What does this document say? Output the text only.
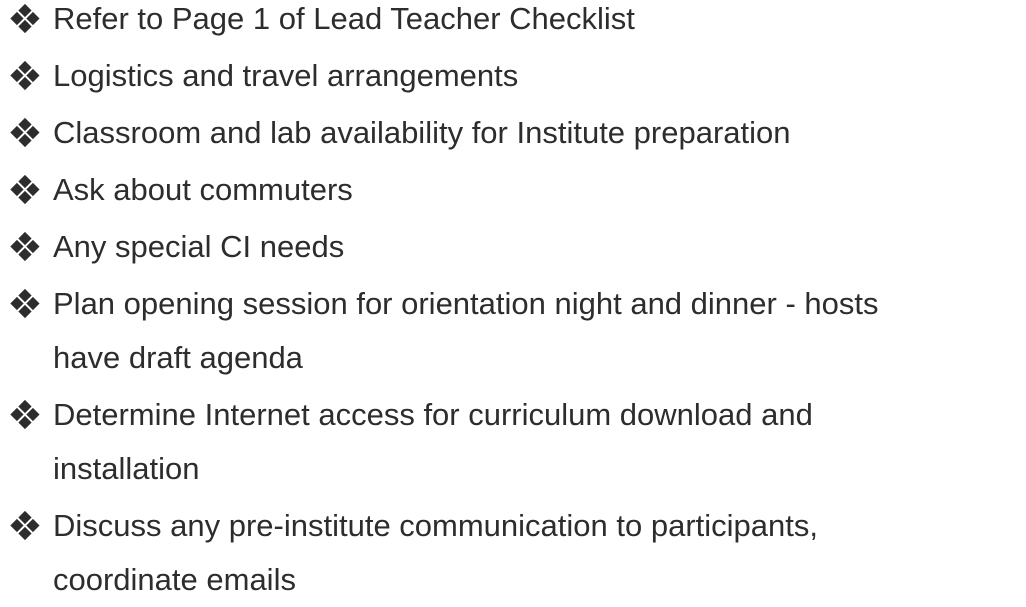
❖ Refer to Page 1 of Lead Teacher Checklist
❖ Logistics and travel arrangements
❖ Classroom and lab availability for Institute preparation
❖ Ask about commuters
❖ Any special CI needs
❖ Plan opening session for orientation night and dinner - hosts
have draft agenda
❖ Determine Internet access for curriculum download and
installation
❖ Discuss any pre-institute communication to participants,
coordinate emails
